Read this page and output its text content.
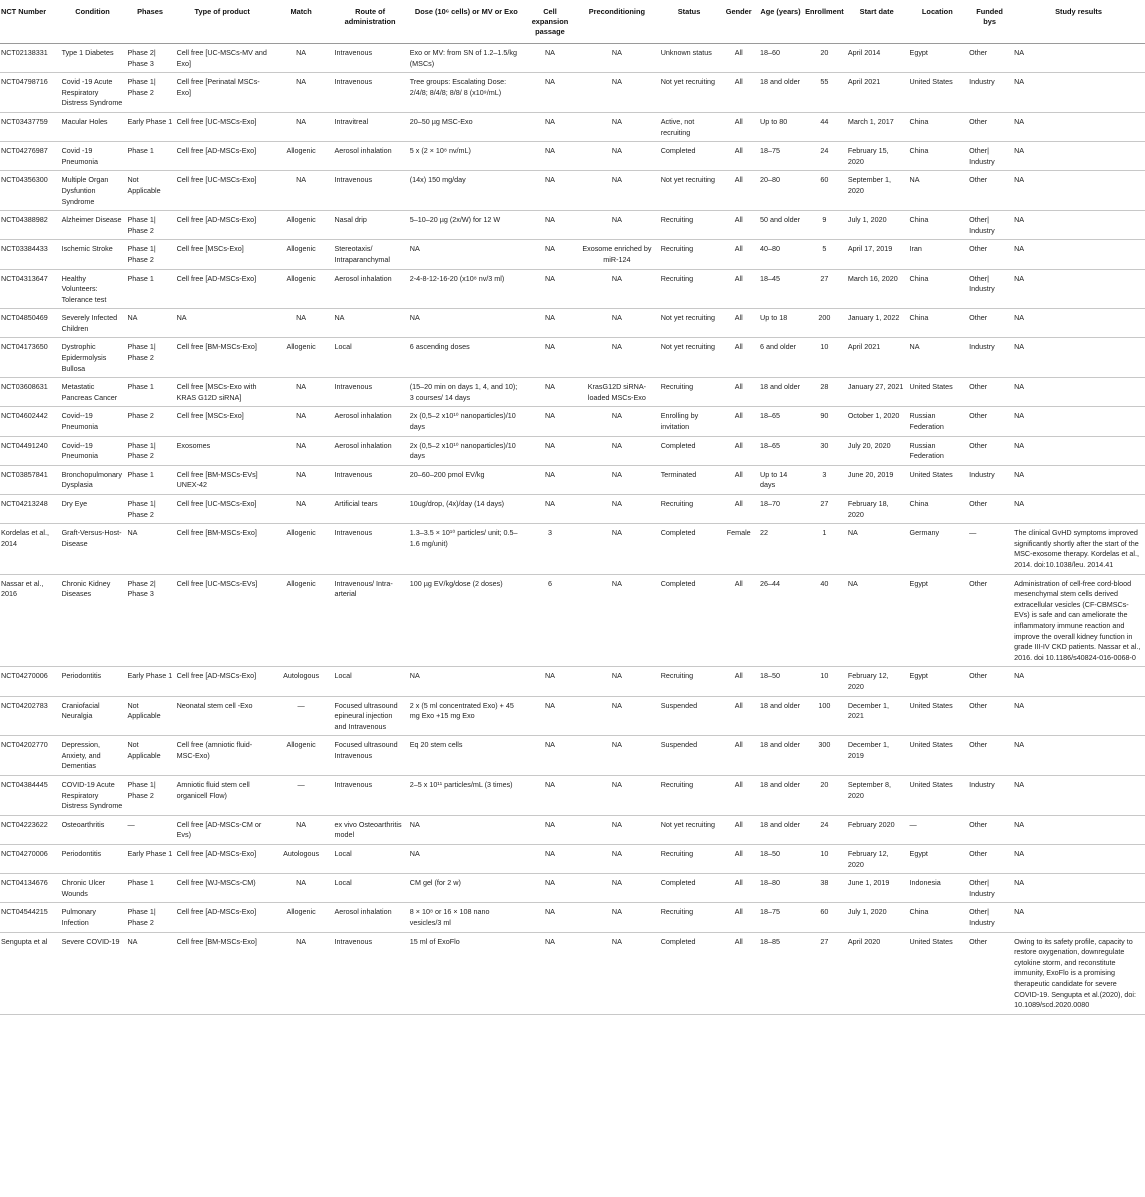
NCT Number	Condition	Phases	Type of product	Match	Route of administration	Dose (10⁶ cells) or MV or Exo	Cell expansion passage	Preconditioning	Status	Gender	Age (years)	Enrollment	Start date	Location	Funded bys	Study results
NCT02138331	Type 1 Diabetes	Phase 2| Phase 3	Cell free [UC-MSCs-MV and Exo]	NA	Intravenous	Exo or MV: from SN of 1.2–1.5/kg (MSCs)	NA	NA	Unknown status	All	18–60	20	April 2014	Egypt	Other	NA
NCT04798716	Covid -19 Acute Respiratory Distress Syndrome	Phase 1| Phase 2	Cell free [Perinatal MSCs-Exo]	NA	Intravenous	Tree groups: Escalating Dose: 2/4/8; 8/4/8; 8/8/ 8 (x10⁹/mL)	NA	NA	Not yet recruiting	All	18 and older	55	April 2021	United States	Industry	NA
NCT03437759	Macular Holes	Early Phase 1	Cell free [UC-MSCs-Exo]	NA	Intravitreal	20–50 µg MSC-Exo	NA	NA	Active, not recruiting	All	Up to 80	44	March 1, 2017	China	Other	NA
NCT04276987	Covid -19 Pneumonia	Phase 1	Cell free [AD-MSCs-Exo]	Allogenic	Aerosol inhalation	5 x (2 × 10⁸ nv/mL)	NA	NA	Completed	All	18–75	24	February 15, 2020	China	Other| Industry	NA
NCT04356300	Multiple Organ Dysfuntion Syndrome	Not Applicable	Cell free [UC-MSCs-Exo]	NA	Intravenous	(14x) 150 mg/day	NA	NA	Not yet recruiting	All	20–80	60	September 1, 2020	NA	Other	NA
NCT04388982	Alzheimer Disease	Phase 1| Phase 2	Cell free [AD-MSCs-Exo]	Allogenic	Nasal drip	5–10–20 µg (2x/W) for 12 W	NA	NA	Recruiting	All	50 and older	9	July 1, 2020	China	Other| Industry	NA
NCT03384433	Ischemic Stroke	Phase 1| Phase 2	Cell free [MSCs-Exo]	Allogenic	Stereotaxis/ Intraparanchymal	NA	NA	Exosome enriched by miR-124	Recruiting	All	40–80	5	April 17, 2019	Iran	Other	NA
NCT04313647	Healthy Volunteers: Tolerance test	Phase 1	Cell free [AD-MSCs-Exo]	Allogenic	Aerosol inhalation	2-4-8-12-16-20 (x10⁸ nv/3 ml)	NA	NA	Recruiting	All	18–45	27	March 16, 2020	China	Other| Industry	NA
NCT04850469	Severely Infected Children	NA	NA	NA	NA	NA	NA	NA	Not yet recruiting	All	Up to 18	200	January 1, 2022	China	Other	NA
NCT04173650	Dystrophic Epidermolysis Bullosa	Phase 1| Phase 2	Cell free [BM-MSCs-Exo]	Allogenic	Local	6 ascending doses	NA	NA	Not yet recruiting	All	6 and older	10	April 2021	NA	Industry	NA
NCT03608631	Metastatic Pancreas Cancer	Phase 1	Cell free [MSCs-Exo with KRAS G12D siRNA]	NA	Intravenous	(15–20 min on days 1, 4, and 10); 3 courses/ 14 days	NA	KrasG12D siRNA-loaded MSCs-Exo	Recruiting	All	18 and older	28	January 27, 2021	United States	Other	NA
NCT04602442	Covid--19 Pneumonia	Phase 2	Cell free [MSCs-Exo]	NA	Aerosol inhalation	2x (0,5–2 x10¹⁰ nanoparticles)/10 days	NA	NA	Enrolling by invitation	All	18–65	90	October 1, 2020	Russian Federation	Other	NA
NCT04491240	Covid--19 Pneumonia	Phase 1| Phase 2	Exosomes	NA	Aerosol inhalation	2x (0,5–2 x10¹⁰ nanoparticles)/10 days	NA	NA	Completed	All	18–65	30	July 20, 2020	Russian Federation	Other	NA
NCT03857841	Bronchopulmonary Dysplasia	Phase 1	Cell free [BM-MSCs-EVs] UNEX-42	NA	Intravenous	20–60–200 pmol EV/kg	NA	NA	Terminated	All	Up to 14 days	3	June 20, 2019	United States	Industry	NA
NCT04213248	Dry Eye	Phase 1| Phase 2	Cell free [UC-MSCs-Exo]	NA	Artificial tears	10ug/drop, (4x)/day (14 days)	NA	NA	Recruiting	All	18–70	27	February 18, 2020	China	Other	NA
Kordelas et al., 2014	Graft-Versus-Host-Disease	NA	Cell free [BM-MSCs-Exo]	Allogenic	Intravenous	1.3–3.5 × 10¹⁰ particles/ unit; 0.5–1.6 mg/unit)	3	NA	Completed	Female	22	1	NA	Germany	—	The clinical GvHD symptoms improved significantly shortly after the start of the MSC-exosome therapy. Kordelas et al., 2014. doi:10.1038/leu. 2014.41
Nassar et al., 2016	Chronic Kidney Diseases	Phase 2| Phase 3	Cell free [UC-MSCs-EVs]	Allogenic	Intravenous/ Intra-arterial	100 µg EV/kg/dose (2 doses)	6	NA	Completed	All	26–44	40	NA	Egypt	Other	Administration of cell-free cord-blood mesenchymal stem cells derived extracellular vesicles (CF-CBMSCs-EVs) is safe and can ameliorate the inflammatory immune reaction and improve the overall kidney function in grade III-IV CKD patients. Nassar et al., 2016. doi 10.1186/s40824-016-0068-0
NCT04270006	Periodontitis	Early Phase 1	Cell free [AD-MSCs-Exo]	Autologous	Local	NA	NA	NA	Recruiting	All	18–50	10	February 12, 2020	Egypt	Other	NA
NCT04202783	Craniofacial Neuralgia	Not Applicable	Neonatal stem cell -Exo	—	Focused ultrasound epineural injection and Intravenous	2 x (5 ml concentrated Exo) + 45 mg Exo +15 mg Exo	NA	NA	Suspended	All	18 and older	100	December 1, 2021	United States	Other	NA
NCT04202770	Depression, Anxiety, and Dementias	Not Applicable	Cell free (amniotic fluid-MSC-Exo)	Allogenic	Focused ultrasound Intravenous	Eq 20 stem cells	NA	NA	Suspended	All	18 and older	300	December 1, 2019	United States	Other	NA
NCT04384445	COVID-19 Acute Respiratory Distress Syndrome	Phase 1| Phase 2	Amniotic fluid stem cell organicell Flow)	—	Intravenous	2–5 x 10¹¹ particles/mL (3 times)	NA	NA	Recruiting	All	18 and older	20	September 8, 2020	United States	Industry	NA
NCT04223622	Osteoarthritis	—	Cell free [AD-MSCs-CM or Evs)	NA	ex vivo Osteoarthritis model	NA	NA	NA	Not yet recruiting	All	18 and older	24	February 2020	—	Other	NA
NCT04270006	Periodontitis	Early Phase 1	Cell free [AD-MSCs-Exo]	Autologous	Local	NA	NA	NA	Recruiting	All	18–50	10	February 12, 2020	Egypt	Other	NA
NCT04134676	Chronic Ulcer Wounds	Phase 1	Cell free [WJ-MSCs-CM)	NA	Local	CM gel (for 2 w)	NA	NA	Completed	All	18–80	38	June 1, 2019	Indonesia	Other| Industry	NA
NCT04544215	Pulmonary Infection	Phase 1| Phase 2	Cell free [AD-MSCs-Exo]	Allogenic	Aerosol inhalation	8 × 10⁸ or 16 × 108 nano vesicles/3 ml	NA	NA	Recruiting	All	18–75	60	July 1, 2020	China	Other| Industry	NA
Sengupta et al	Severe COVID-19	NA	Cell free [BM-MSCs-Exo]	NA	Intravenous	15 ml of ExoFlo	NA	NA	Completed	All	18–85	27	April 2020	United States	Other	Owing to its safety profile, capacity to restore oxygenation, downregulate cytokine storm, and reconstitute immunity, ExoFlo is a promising therapeutic candidate for severe COVID-19. Sengupta et al.(2020), doi: 10.1089/scd.2020.0080
